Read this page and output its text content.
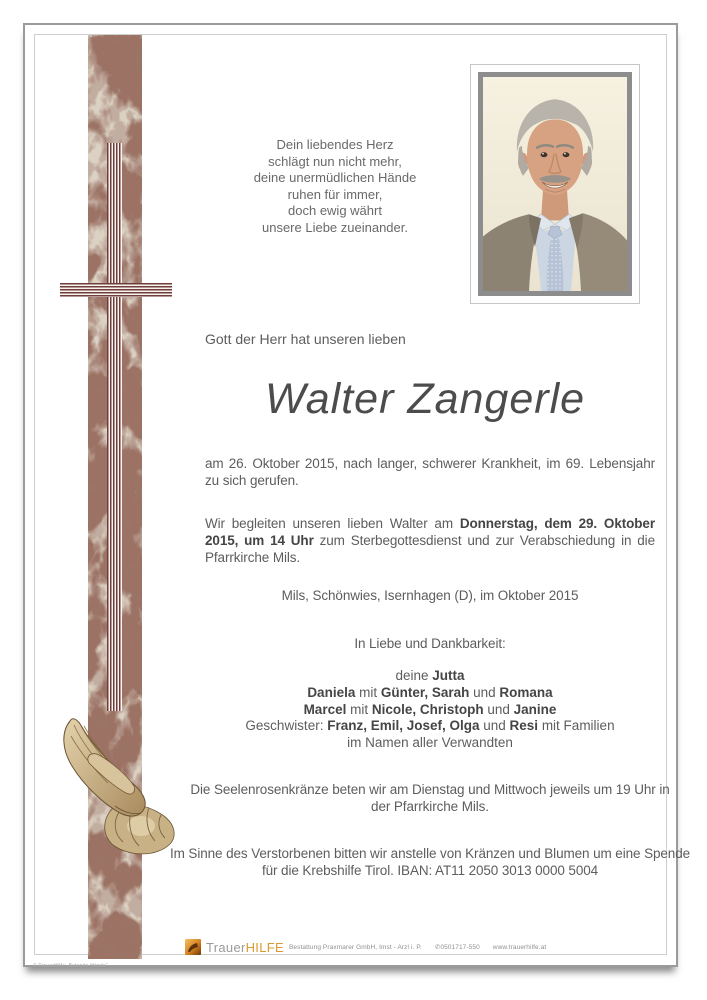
Dein liebendes Herz
schlägt nun nicht mehr,
deine unermüdlichen Hände
ruhen für immer,
doch ewig währt
unsere Liebe zueinander.
Gott der Herr hat unseren lieben
Walter Zangerle
am 26. Oktober 2015, nach langer, schwerer Krankheit, im 69. Lebensjahr zu sich gerufen.
Wir begleiten unseren lieben Walter am Donnerstag, dem 29. Oktober 2015, um 14 Uhr zum Sterbegottesdienst und zur Verabschiedung in die Pfarrkirche Mils.
Mils, Schönwies, Isernhagen (D), im Oktober 2015
In Liebe und Dankbarkeit:
deine Jutta
Daniela mit Günter, Sarah und Romana
Marcel mit Nicole, Christoph und Janine
Geschwister: Franz, Emil, Josef, Olga und Resi mit Familien
im Namen aller Verwandten
Die Seelenrosenkränze beten wir am Dienstag und Mittwoch jeweils um 19 Uhr in der Pfarrkirche Mils.
Im Sinne des Verstorbenen bitten wir anstelle von Kränzen und Blumen um eine Spende für die Krebshilfe Tirol. IBAN: AT11 2050 3013 0000 5004
TrauerHILFE Bestattung Praxmarer GmbH, Imst - Arzl i. P. ✆0501717-550 www.trauerhilfe.at
© TrauerHilfe „Betende Hände“
